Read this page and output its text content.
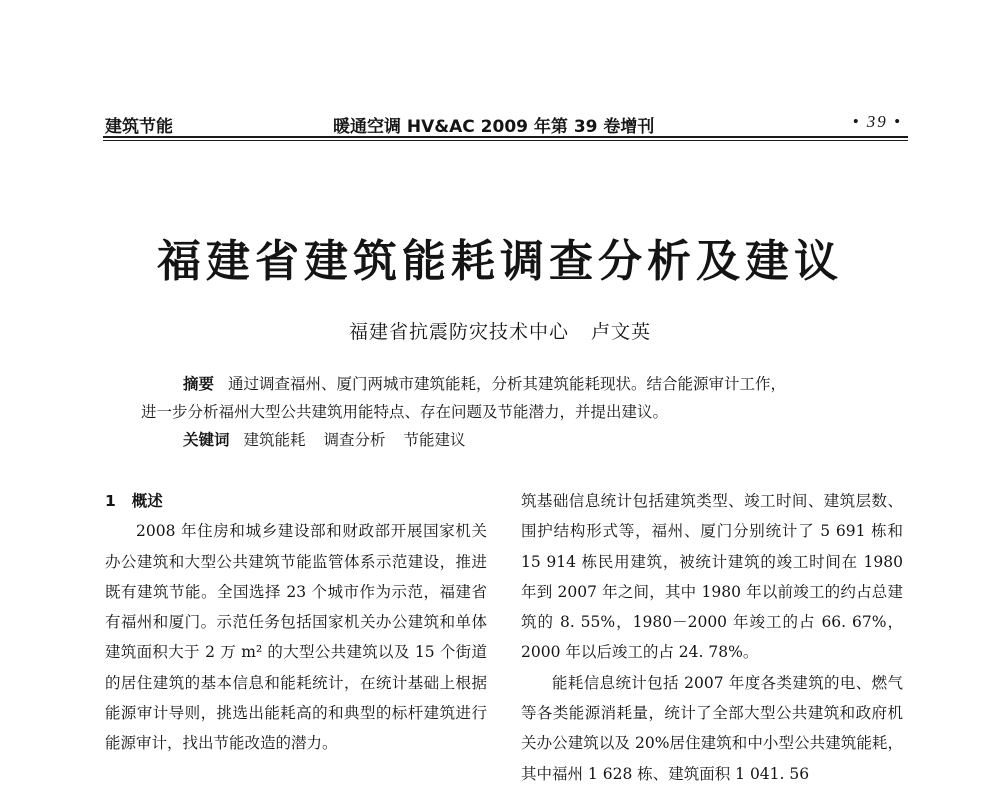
建筑节能	暖通空调 HV&AC 2009 年第 39 卷增刊	• 39 •
福建省建筑能耗调查分析及建议
福建省抗震防灾技术中心 卢文英

摘要 通过调查福州、厦门两城市建筑能耗，分析其建筑能耗现状。结合能源审计工作，

进一步分析福州大型公共建筑用能特点、存在问题及节能潜力，并提出建议。

关键词 建筑能耗 调查分析 节能建议

1 概述

2008 年住房和城乡建设部和财政部开展国家机关办公建筑和大型公共建筑节能监管体系示范建设，推进既有建筑节能。全国选择 23 个城市作为示范，福建省有福州和厦门。示范任务包括国家机关办公建筑和单体建筑面积大于 2 万 m² 的大型公共建筑以及 15 个街道的居住建筑的基本信息和能耗统计，在统计基础上根据能源审计导则，挑选出能耗高的和典型的标杆建筑进行能源审计，找出节能改造的潜力。

筑基础信息统计包括建筑类型、竣工时间、建筑层数、围护结构形式等，福州、厦门分别统计了 5 691 栋和 15 914 栋民用建筑，被统计建筑的竣工时间在 1980 年到 2007 年之间，其中 1980 年以前竣工的约占总建筑的 8. 55%，1980－2000 年竣工的占 66. 67%，2000 年以后竣工的占 24. 78%。

能耗信息统计包括 2007 年度各类建筑的电、燃气等各类能源消耗量，统计了全部大型公共建筑和政府机关办公建筑以及 20%居住建筑和中小型公共建筑能耗，其中福州 1 628 栋、建筑面积 1 041. 56
